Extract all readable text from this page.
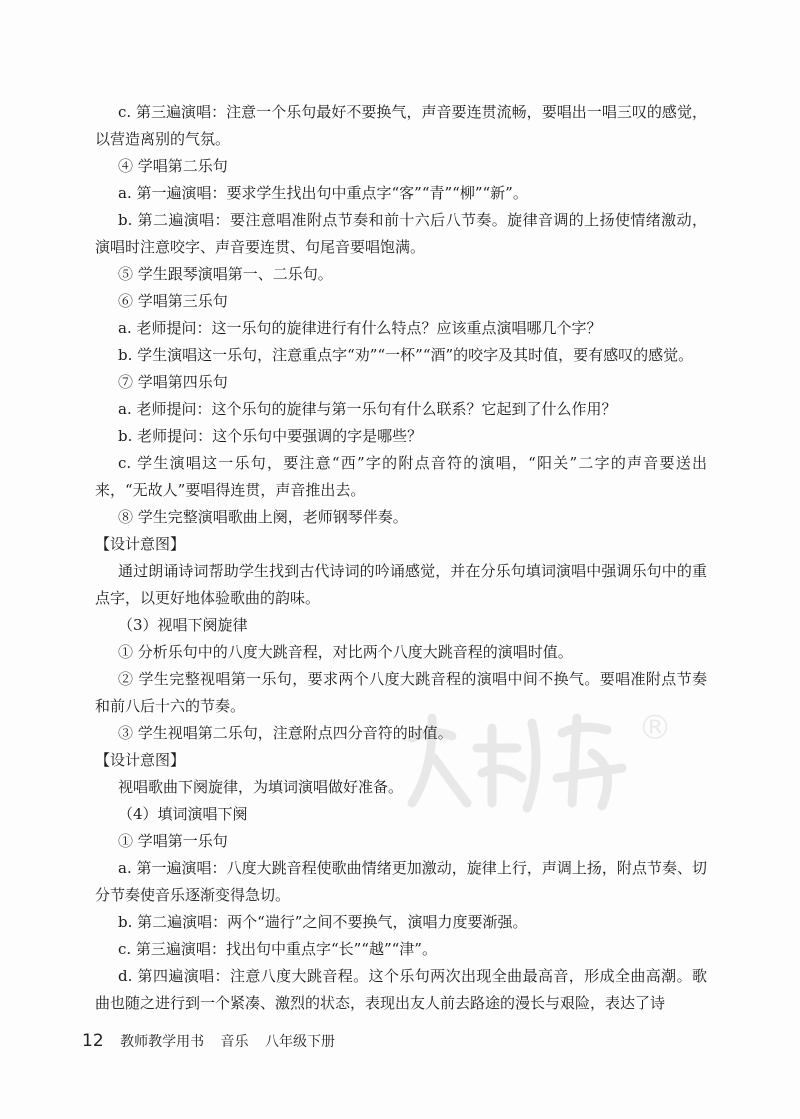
®

c. 第三遍演唱：注意一个乐句最好不要换气，声音要连贯流畅，要唱出一唱三叹的感觉，以营造离别的气氛。

④ 学唱第二乐句

a. 第一遍演唱：要求学生找出句中重点字“客”“青”“柳”“新”。

b. 第二遍演唱：要注意唱准附点节奏和前十六后八节奏。旋律音调的上扬使情绪激动，演唱时注意咬字、声音要连贯、句尾音要唱饱满。

⑤ 学生跟琴演唱第一、二乐句。

⑥ 学唱第三乐句

a. 老师提问：这一乐句的旋律进行有什么特点？应该重点演唱哪几个字？

b. 学生演唱这一乐句，注意重点字“劝”“一杯”“酒”的咬字及其时值，要有感叹的感觉。

⑦ 学唱第四乐句

a. 老师提问：这个乐句的旋律与第一乐句有什么联系？它起到了什么作用？

b. 老师提问：这个乐句中要强调的字是哪些？

c. 学生演唱这一乐句，要注意“西”字的附点音符的演唱，“阳关”二字的声音要送出来，“无故人”要唱得连贯，声音推出去。

⑧ 学生完整演唱歌曲上阕，老师钢琴伴奏。

【设计意图】

通过朗诵诗词帮助学生找到古代诗词的吟诵感觉，并在分乐句填词演唱中强调乐句中的重点字，以更好地体验歌曲的韵味。

（3）视唱下阕旋律

① 分析乐句中的八度大跳音程，对比两个八度大跳音程的演唱时值。

② 学生完整视唱第一乐句，要求两个八度大跳音程的演唱中间不换气。要唱准附点节奏和前八后十六的节奏。

③ 学生视唱第二乐句，注意附点四分音符的时值。

【设计意图】

视唱歌曲下阕旋律，为填词演唱做好准备。

（4）填词演唱下阕

① 学唱第一乐句

a. 第一遍演唱：八度大跳音程使歌曲情绪更加激动，旋律上行，声调上扬，附点节奏、切分节奏使音乐逐渐变得急切。

b. 第二遍演唱：两个“遄行”之间不要换气，演唱力度要渐强。

c. 第三遍演唱：找出句中重点字“长”“越”“津”。

d. 第四遍演唱：注意八度大跳音程。这个乐句两次出现全曲最高音，形成全曲高潮。歌曲也随之进行到一个紧凑、激烈的状态，表现出友人前去路途的漫长与艰险，表达了诗

12 教师教学用书 音乐 八年级下册
